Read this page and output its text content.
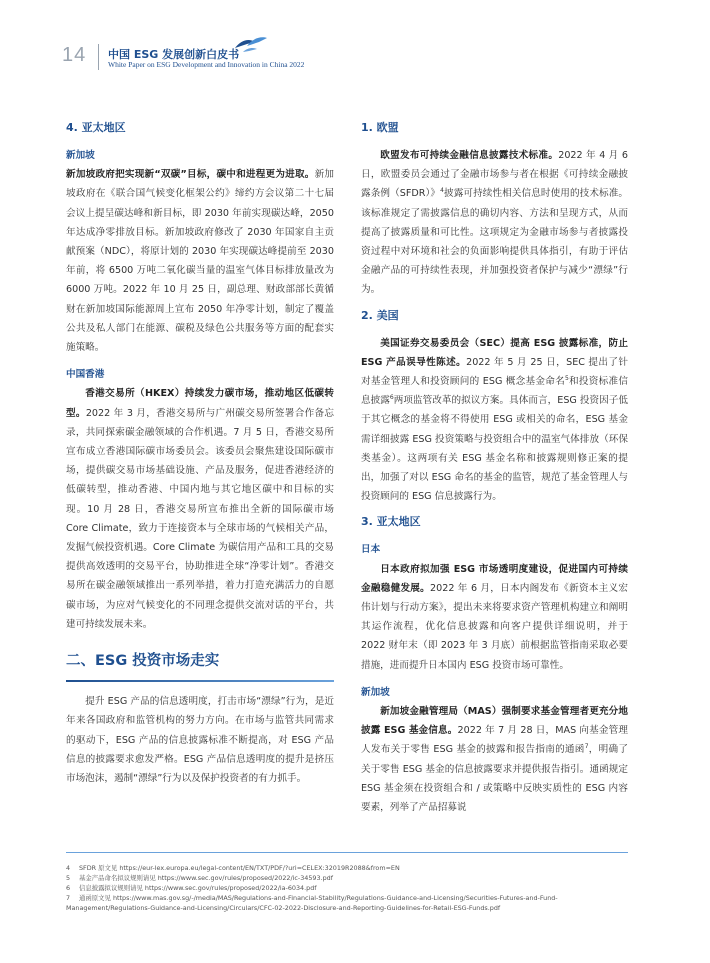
14 中国 ESG 发展创新白皮书
White Paper on ESG Development and Innovation in China 2022
4. 亚太地区
新加坡

新加坡政府把实现新“双碳”目标，碳中和进程更为进取。新加坡政府在《联合国气候变化框架公约》缔约方会议第二十七届会议上提呈碳达峰和新目标，即 2030 年前实现碳达峰，2050 年达成净零排放目标。新加坡政府修改了 2030 年国家自主贡献预案（NDC），将原计划的 2030 年实现碳达峰提前至 2030 年前，将 6500 万吨二氧化碳当量的温室气体目标排放量改为 6000 万吨。2022 年 10 月 25 日，副总理、财政部部长黄循财在新加坡国际能源周上宣布 2050 年净零计划，制定了覆盖公共及私人部门在能源、碳税及绿色公共服务等方面的配套实施策略。

中国香港

香港交易所（HKEX）持续发力碳市场，推动地区低碳转型。2022 年 3 月，香港交易所与广州碳交易所签署合作备忘录，共同探索碳金融领域的合作机遇。7 月 5 日，香港交易所宣布成立香港国际碳市场委员会。该委员会聚焦建设国际碳市场，提供碳交易市场基础设施、产品及服务，促进香港经济的低碳转型，推动香港、中国内地与其它地区碳中和目标的实现。10 月 28 日，香港交易所宣布推出全新的国际碳市场 Core Climate，致力于连接资本与全球市场的气候相关产品，发掘气候投资机遇。Core Climate 为碳信用产品和工具的交易提供高效透明的交易平台，协助推进全球“净零计划”。香港交易所在碳金融领域推出一系列举措，着力打造充满活力的自愿碳市场，为应对气候变化的不同理念提供交流对话的平台，共建可持续发展未来。

二、ESG 投资市场走实

提升 ESG 产品的信息透明度，打击市场“漂绿”行为，是近年来各国政府和监管机构的努力方向。在市场与监管共同需求的驱动下，ESG 产品的信息披露标准不断提高，对 ESG 产品信息的披露要求愈发严格。ESG 产品信息透明度的提升是挤压市场泡沫，遏制“漂绿”行为以及保护投资者的有力抓手。

1. 欧盟

欧盟发布可持续金融信息披露技术标准。2022 年 4 月 6 日，欧盟委员会通过了金融市场参与者在根据《可持续金融披露条例（SFDR）》$^4$披露可持续性相关信息时使用的技术标准。该标准规定了需披露信息的确切内容、方法和呈现方式，从而提高了披露质量和可比性。这项规定为金融市场参与者披露投资过程中对环境和社会的负面影响提供具体指引，有助于评估金融产品的可持续性表现，并加强投资者保护与减少“漂绿”行为。

2. 美国

美国证券交易委员会（SEC）提高 ESG 披露标准，防止 ESG 产品误导性陈述。2022 年 5 月 25 日，SEC 提出了针对基金管理人和投资顾问的 ESG 概念基金命名$^5$和投资标准信息披露$^6$两项监管改革的拟议方案。具体而言，ESG 投资因子低于其它概念的基金将不得使用 ESG 或相关的命名，ESG 基金需详细披露 ESG 投资策略与投资组合中的温室气体排放（环保类基金）。这两项有关 ESG 基金名称和披露规则修正案的提出，加强了对以 ESG 命名的基金的监管，规范了基金管理人与投资顾问的 ESG 信息披露行为。

3. 亚太地区
日本

日本政府拟加强 ESG 市场透明度建设，促进国内可持续金融稳健发展。2022 年 6 月，日本内阁发布《新资本主义宏伟计划与行动方案》，提出未来将要求资产管理机构建立和阐明其运作流程，优化信息披露和向客户提供详细说明，并于 2022 财年末（即 2023 年 3 月底）前根据监管指南采取必要措施，进而提升日本国内 ESG 投资市场可靠性。

新加坡

新加坡金融管理局（MAS）强制要求基金管理者更充分地披露 ESG 基金信息。2022 年 7 月 28 日，MAS 向基金管理人发布关于零售 ESG 基金的披露和报告指南的通函$^7$，明确了关于零售 ESG 基金的信息披露要求并提供报告指引。通函规定 ESG 基金须在投资组合和 / 或策略中反映实质性的 ESG 内容要素，列举了产品招募说

4 SFDR 原文见 https://eur-lex.europa.eu/legal-content/EN/TXT/PDF/?uri=CELEX:32019R2088&from=EN
5 基金产品命名拟议规则请见 https://www.sec.gov/rules/proposed/2022/ic-34593.pdf
6 信息披露拟议规则请见 https://www.sec.gov/rules/proposed/2022/ia-6034.pdf
7 通函原文见 https://www.mas.gov.sg/-/media/MAS/Regulations-and-Financial-Stability/Regulations-Guidance-and-Licensing/Securities-Futures-and-Fund-Management/Regulations-Guidance-and-Licensing/Circulars/CFC-02-2022-Disclosure-and-Reporting-Guidelines-for-Retail-ESG-Funds.pdf
